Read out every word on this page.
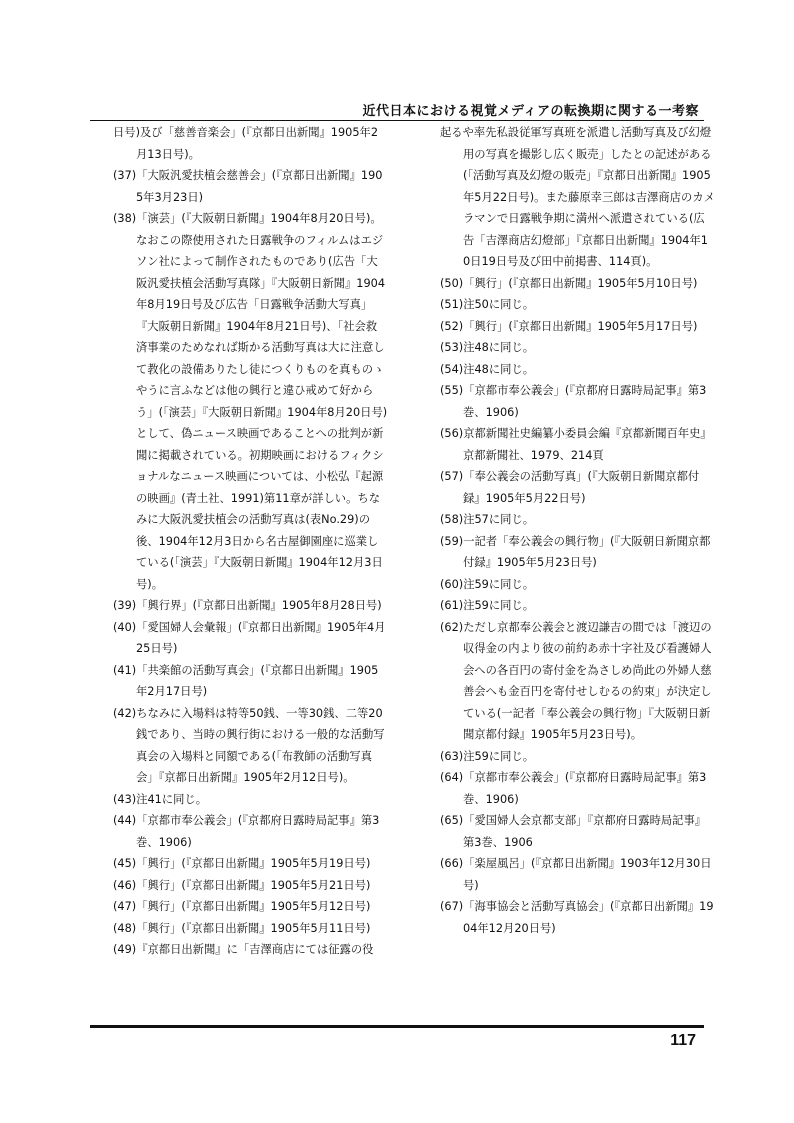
近代日本における視覚メディアの転換期に関する一考察
日号)及び「慈善音楽会」(『京都日出新聞』1905年2月13日号)。
(37)「大阪汎愛扶植会慈善会」(『京都日出新聞』1905年3月23日)
(38)「演芸」(『大阪朝日新聞』1904年8月20日号)。なおこの際使用された日露戦争のフィルムはエジソン社によって制作されたものであり(広告「大阪汎愛扶植会活動写真隊」『大阪朝日新聞』1904年8月19日号及び広告「日露戦争活動大写真」『大阪朝日新聞』1904年8月21日号)、「社会救済事業のためなれば斯かる活動写真は大に注意して教化の設備ありたし徒につくりものを真ものゝやうに言ふなどは他の興行と違ひ戒めて好からう」(「演芸」『大阪朝日新聞』1904年8月20日号)として、偽ニュース映画であることへの批判が新聞に掲載されている。初期映画におけるフィクショナルなニュース映画については、小松弘『起源の映画』(青土社、1991)第11章が詳しい。ちなみに大阪汎愛扶植会の活動写真は(表No.29)の後、1904年12月3日から名古屋御園座に巡業している(「演芸」『大阪朝日新聞』1904年12月3日号)。
(39)「興行界」(『京都日出新聞』1905年8月28日号)
(40)「愛国婦人会彙報」(『京都日出新聞』1905年4月25日号)
(41)「共楽館の活動写真会」(『京都日出新聞』1905年2月17日号)
(42)ちなみに入場料は特等50銭、一等30銭、二等20銭であり、当時の興行街における一般的な活動写真会の入場料と同額である(「布教師の活動写真会」『京都日出新聞』1905年2月12日号)。
(43)注41に同じ。
(44)「京都市奉公義会」(『京都府日露時局記事』第3巻、1906)
(45)「興行」(『京都日出新聞』1905年5月19日号)
(46)「興行」(『京都日出新聞』1905年5月21日号)
(47)「興行」(『京都日出新聞』1905年5月12日号)
(48)「興行」(『京都日出新聞』1905年5月11日号)
(49)『京都日出新聞』に「吉澤商店にては征露の役
起るや率先私設従軍写真班を派遣し活動写真及び幻燈用の写真を撮影し広く販売」したとの記述がある(「活動写真及幻燈の販売」『京都日出新聞』1905年5月22日号)。また藤原幸三郎は吉澤商店のカメラマンで日露戦争期に満州へ派遣されている(広告「吉澤商店幻燈部」『京都日出新聞』1904年10日19日号及び田中前掲書、114頁)。
(50)「興行」(『京都日出新聞』1905年5月10日号)
(51)注50に同じ。
(52)「興行」(『京都日出新聞』1905年5月17日号)
(53)注48に同じ。
(54)注48に同じ。
(55)「京都市奉公義会」(『京都府日露時局記事』第3巻、1906)
(56)京都新聞社史編纂小委員会編『京都新聞百年史』京都新聞社、1979、214頁
(57)「奉公義会の活動写真」(『大阪朝日新聞京都付録』1905年5月22日号)
(58)注57に同じ。
(59)一記者「奉公義会の興行物」(『大阪朝日新聞京都付録』1905年5月23日号)
(60)注59に同じ。
(61)注59に同じ。
(62)ただし京都奉公義会と渡辺謙吉の間では「渡辺の収得金の内より彼の前約あ赤十字社及び看護婦人会への各百円の寄付金を為さしめ尚此の外婦人慈善会へも金百円を寄付せしむるの約束」が決定している(一記者「奉公義会の興行物」『大阪朝日新聞京都付録』1905年5月23日号)。
(63)注59に同じ。
(64)「京都市奉公義会」(『京都府日露時局記事』第3巻、1906)
(65)「愛国婦人会京都支部」『京都府日露時局記事』第3巻、1906
(66)「楽屋風呂」(『京都日出新聞』1903年12月30日号)
(67)「海事協会と活動写真協会」(『京都日出新聞』1904年12月20日号)
117
